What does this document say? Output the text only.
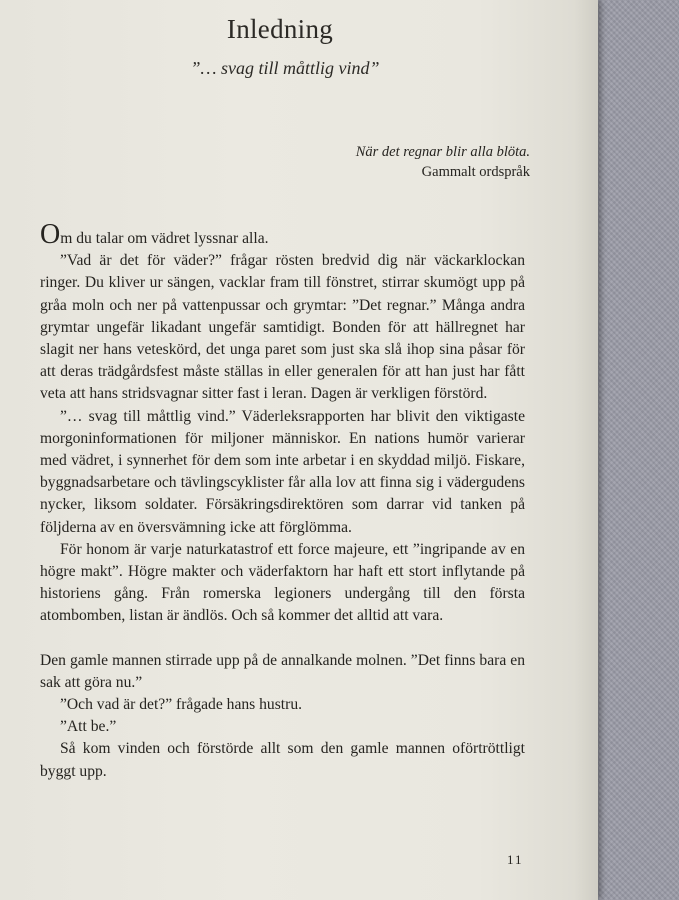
Inledning
”… svag till måttlig vind”
När det regnar blir alla blöta.
Gammalt ordspråk

Om du talar om vädret lyssnar alla.

”Vad är det för väder?” frågar rösten bredvid dig när väckarklockan ringer. Du kliver ur sängen, vacklar fram till fönstret, stirrar skumögt upp på gråa moln och ner på vattenpussar och grymtar: ”Det regnar.” Många andra grymtar ungefär likadant ungefär samtidigt. Bonden för att hällregnet har slagit ner hans veteskörd, det unga paret som just ska slå ihop sina påsar för att deras trädgårdsfest måste ställas in eller generalen för att han just har fått veta att hans stridsvagnar sitter fast i leran. Dagen är verkligen förstörd.

”… svag till måttlig vind.” Väderleksrapporten har blivit den viktigaste morgoninformationen för miljoner människor. En nations humör varierar med vädret, i synnerhet för dem som inte arbetar i en skyddad miljö. Fiskare, byggnadsarbetare och tävlingscyklister får alla lov att finna sig i vädergudens nycker, liksom soldater. Försäkringsdirektören som darrar vid tanken på följderna av en översvämning icke att förglömma.

För honom är varje naturkatastrof ett force majeure, ett ”ingripande av en högre makt”. Högre makter och väderfaktorn har haft ett stort inflytande på historiens gång. Från romerska legioners undergång till den första atombomben, listan är ändlös. Och så kommer det alltid att vara.

Den gamle mannen stirrade upp på de annalkande molnen. ”Det finns bara en sak att göra nu.”

”Och vad är det?” frågade hans hustru.

”Att be.”

Så kom vinden och förstörde allt som den gamle mannen oförtröttligt byggt upp.

11
